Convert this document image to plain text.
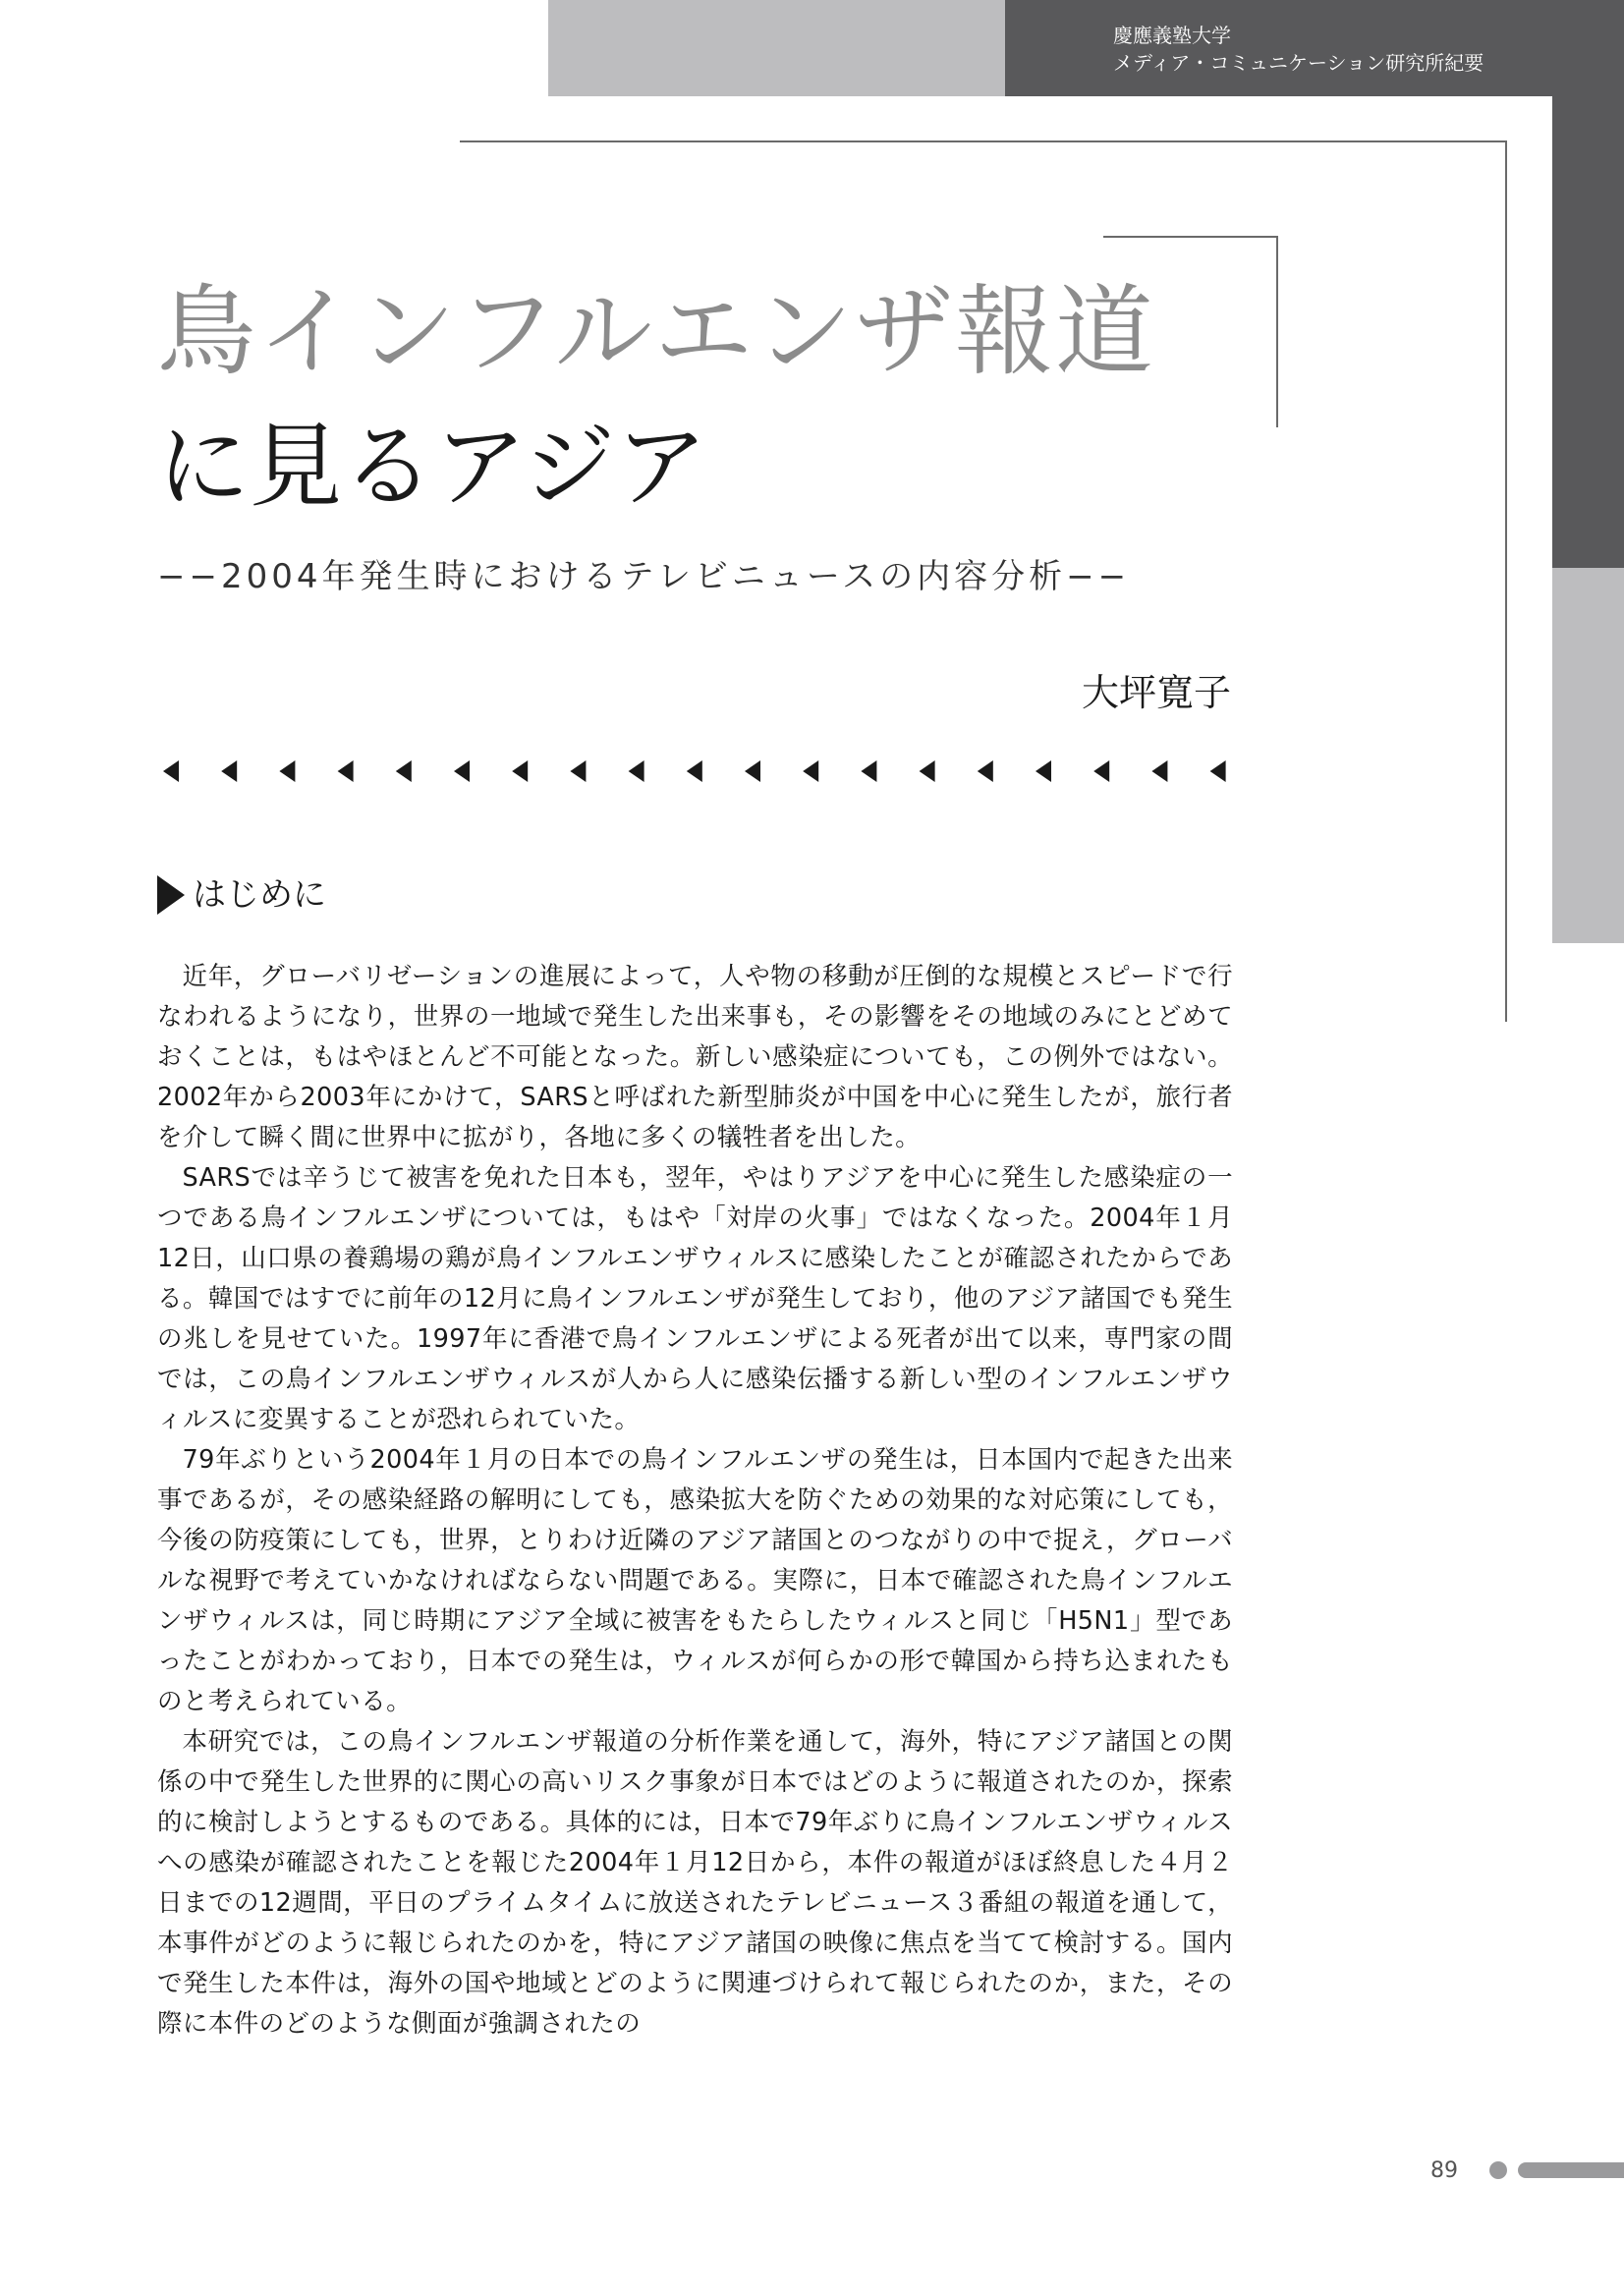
慶應義塾大学
メディア・コミュニケーション研究所紀要
鳥インフルエンザ報道
に見るアジア
−−2004年発生時におけるテレビニュースの内容分析−−
大坪寛子
はじめに

近年，グローバリゼーションの進展によって，人や物の移動が圧倒的な規模とスピードで行なわれるようになり，世界の一地域で発生した出来事も，その影響をその地域のみにとどめておくことは，もはやほとんど不可能となった。新しい感染症についても，この例外ではない。2002年から2003年にかけて，SARSと呼ばれた新型肺炎が中国を中心に発生したが，旅行者を介して瞬く間に世界中に拡がり，各地に多くの犠牲者を出した。

SARSでは辛うじて被害を免れた日本も，翌年，やはりアジアを中心に発生した感染症の一つである鳥インフルエンザについては，もはや「対岸の火事」ではなくなった。2004年１月12日，山口県の養鶏場の鶏が鳥インフルエンザウィルスに感染したことが確認されたからである。韓国ではすでに前年の12月に鳥インフルエンザが発生しており，他のアジア諸国でも発生の兆しを見せていた。1997年に香港で鳥インフルエンザによる死者が出て以来，専門家の間では，この鳥インフルエンザウィルスが人から人に感染伝播する新しい型のインフルエンザウィルスに変異することが恐れられていた。

79年ぶりという2004年１月の日本での鳥インフルエンザの発生は，日本国内で起きた出来事であるが，その感染経路の解明にしても，感染拡大を防ぐための効果的な対応策にしても，今後の防疫策にしても，世界，とりわけ近隣のアジア諸国とのつながりの中で捉え，グローバルな視野で考えていかなければならない問題である。実際に，日本で確認された鳥インフルエンザウィルスは，同じ時期にアジア全域に被害をもたらしたウィルスと同じ「H5N1」型であったことがわかっており，日本での発生は，ウィルスが何らかの形で韓国から持ち込まれたものと考えられている。

本研究では，この鳥インフルエンザ報道の分析作業を通して，海外，特にアジア諸国との関係の中で発生した世界的に関心の高いリスク事象が日本ではどのように報道されたのか，探索的に検討しようとするものである。具体的には，日本で79年ぶりに鳥インフルエンザウィルスへの感染が確認されたことを報じた2004年１月12日から，本件の報道がほぼ終息した４月２日までの12週間，平日のプライムタイムに放送されたテレビニュース３番組の報道を通して，本事件がどのように報じられたのかを，特にアジア諸国の映像に焦点を当てて検討する。国内で発生した本件は，海外の国や地域とどのように関連づけられて報じられたのか，また，その際に本件のどのような側面が強調されたの

89
